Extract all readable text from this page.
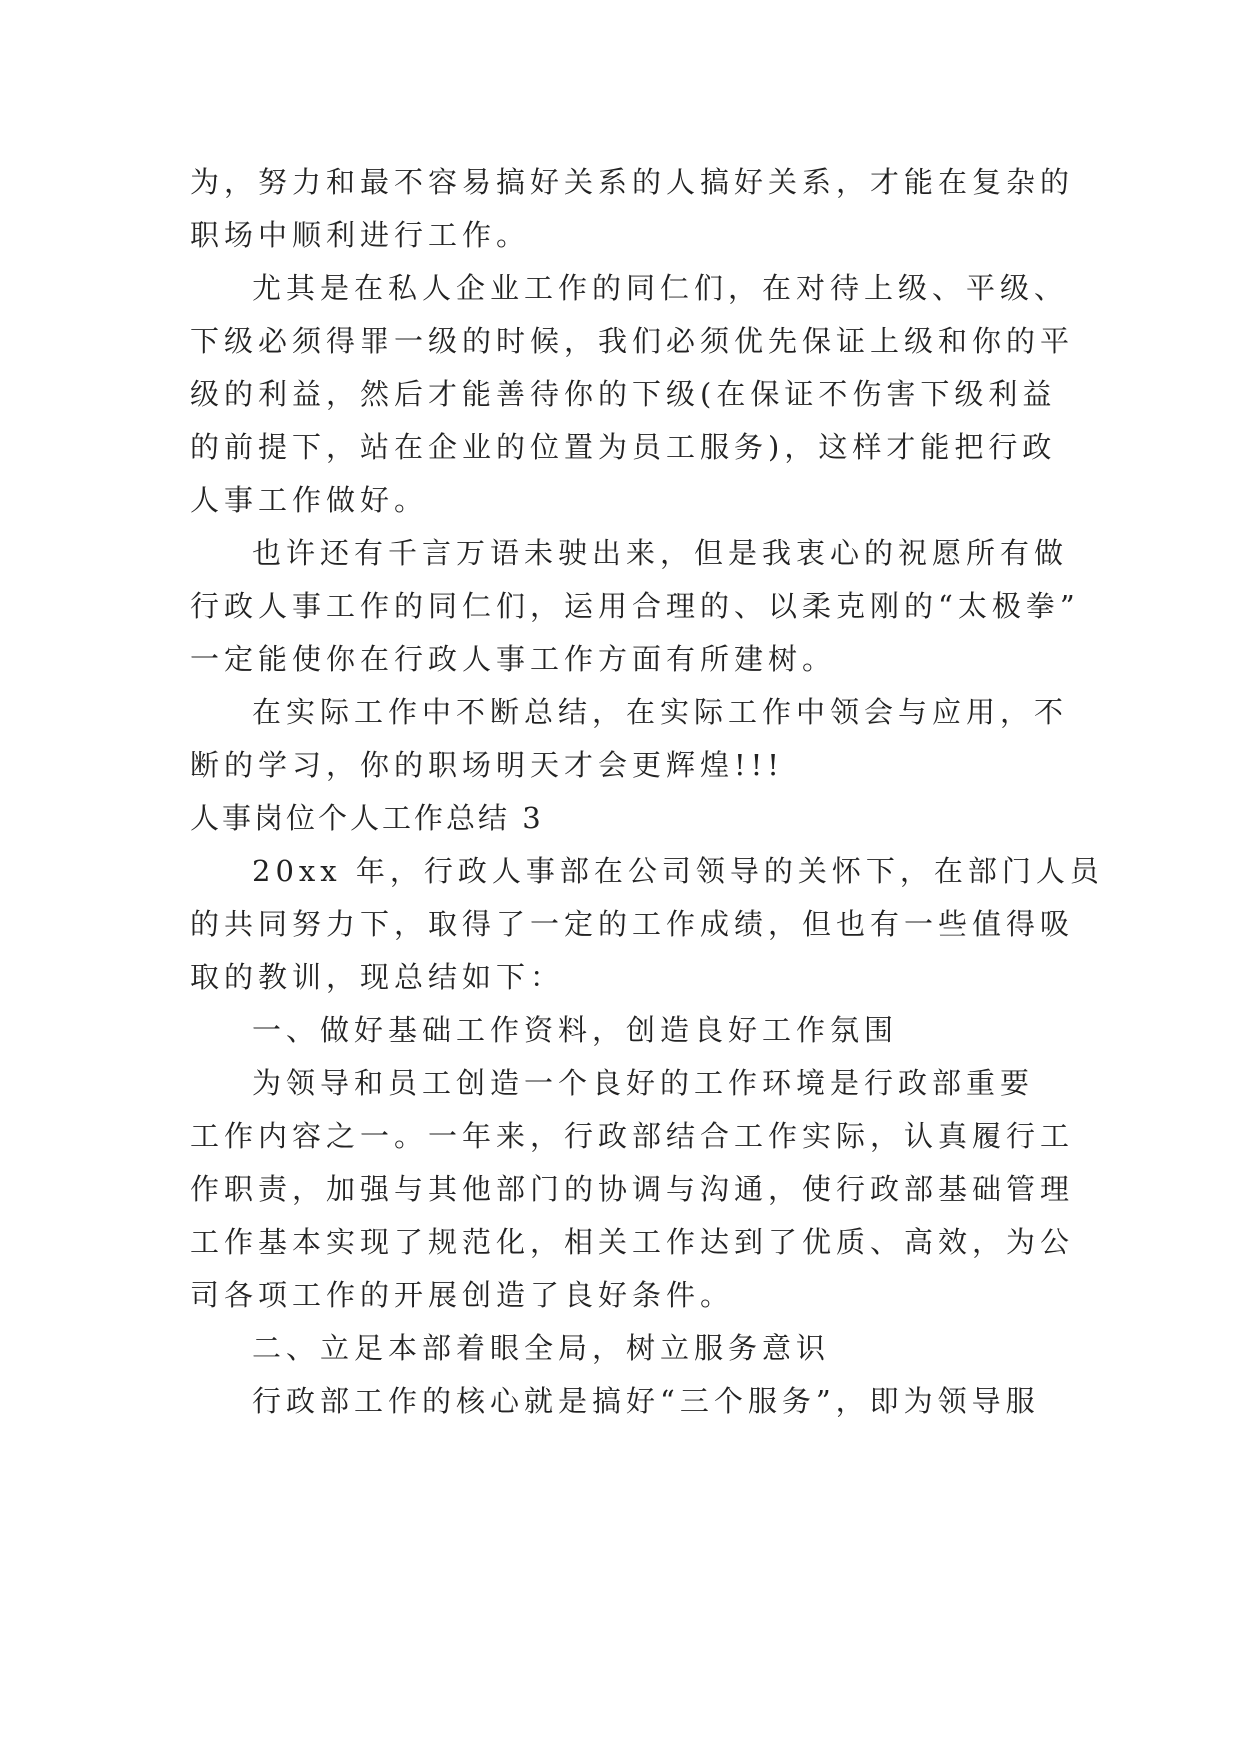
为，努力和最不容易搞好关系的人搞好关系，才能在复杂的
职场中顺利进行工作。
尤其是在私人企业工作的同仁们，在对待上级、平级、
下级必须得罪一级的时候，我们必须优先保证上级和你的平
级的利益，然后才能善待你的下级(在保证不伤害下级利益
的前提下，站在企业的位置为员工服务)，这样才能把行政
人事工作做好。
也许还有千言万语未驶出来，但是我衷心的祝愿所有做
行政人事工作的同仁们，运用合理的、以柔克刚的“太极拳”
一定能使你在行政人事工作方面有所建树。
在实际工作中不断总结，在实际工作中领会与应用，不
断的学习，你的职场明天才会更辉煌!!!
人事岗位个人工作总结 3
20xx 年，行政人事部在公司领导的关怀下，在部门人员
的共同努力下，取得了一定的工作成绩，但也有一些值得吸
取的教训，现总结如下：
一、做好基础工作资料，创造良好工作氛围
为领导和员工创造一个良好的工作环境是行政部重要
工作内容之一。一年来，行政部结合工作实际，认真履行工
作职责，加强与其他部门的协调与沟通，使行政部基础管理
工作基本实现了规范化，相关工作达到了优质、高效，为公
司各项工作的开展创造了良好条件。
二、立足本部着眼全局，树立服务意识
行政部工作的核心就是搞好“三个服务”，即为领导服
